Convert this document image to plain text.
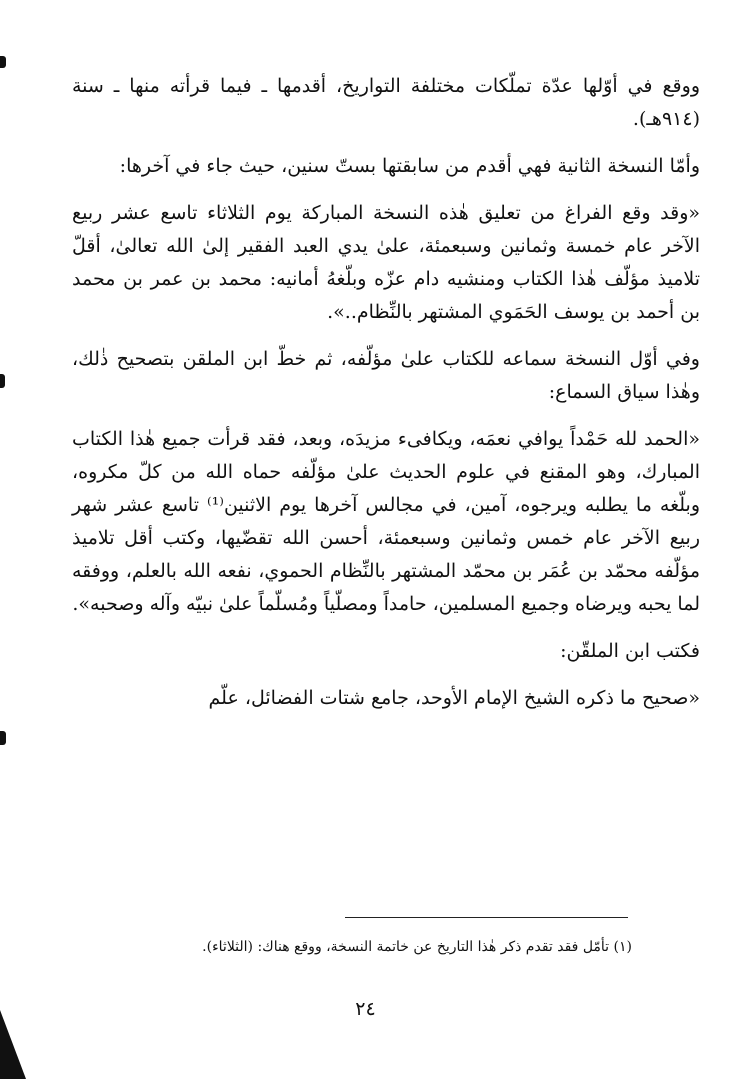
ووقع في أوّلها عدّة تملّكات مختلفة التواريخ، أقدمها ـ فيما قرأته منها ـ سنة (٩١٤هـ).

وأمّا النسخة الثانية فهي أقدم من سابقتها بستّ سنين، حيث جاء في آخرها:

«وقد وقع الفراغ من تعليق هٰذه النسخة المباركة يوم الثلاثاء تاسع عشر ربيع الآخر عام خمسة وثمانين وسبعمئة، علىٰ يدي العبد الفقير إلىٰ الله تعالىٰ، أقلّ تلاميذ مؤلّف هٰذا الكتاب ومنشيه دام عزّه وبلّغهُ أمانيه: محمد بن عمر بن محمد بن أحمد بن يوسف الحَمَوي المشتهر بالنِّظام..».

وفي أوّل النسخة سماعه للكتاب علىٰ مؤلّفه، ثم خطّ ابن الملقن بتصحيح ذٰلك، وهٰذا سياق السماع:

«الحمد لله حَمْداً يوافي نعمَه، ويكافىء مزيدَه، وبعد، فقد قرأت جميع هٰذا الكتاب المبارك، وهو المقنع في علوم الحديث علىٰ مؤلّفه حماه الله من كلّ مكروه، وبلّغه ما يطلبه ويرجوه، آمين، في مجالس آخرها يوم الاثنين⁽¹⁾ تاسع عشر شهر ربيع الآخر عام خمس وثمانين وسبعمئة، أحسن الله تقضّيها، وكتب أقل تلاميذ مؤلّفه محمّد بن عُمَر بن محمّد المشتهر بالنِّظام الحموي، نفعه الله بالعلم، ووفقه لما يحبه ويرضاه وجميع المسلمين، حامداً ومصلّياً ومُسلّماً علىٰ نبيّه وآله وصحبه».

فكتب ابن الملقّن:

«صحيح ما ذكره الشيخ الإمام الأوحد، جامع شتات الفضائل، علّم

(١) تأمّل فقد تقدم ذكر هٰذا التاريخ عن خاتمة النسخة، ووقع هناك: (الثلاثاء).
٢٤
